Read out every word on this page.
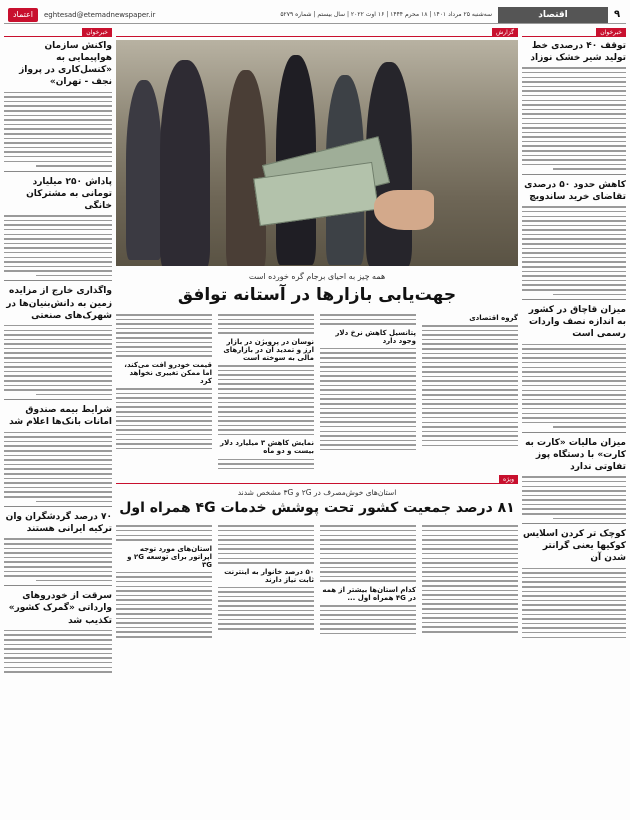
۹
اقتصاد
سه‌شنبه ۲۵ مرداد ۱۴۰۱ | ۱۸ محرم ۱۴۴۴ | ۱۶ اوت ۲۰۲۲ | سال بیستم | شماره ۵۲۷۹
eghtesad@etemadnewspaper.ir
اعتماد
خبرخوان
توقف ۴۰ درصدی خط تولید شیر خشک نوزاد
کاهش حدود ۵۰ درصدی تقاضای خرید ساندویچ
میزان قاچاق در کشور به اندازه نصف واردات رسمی است
میزان مالیات «کارت به کارت» با دستگاه پوز تفاوتی ندارد
کوچک تر کردن اسلایس کوکیها یعنی گرانتر شدن آن
گزارش
همه چیز به احیای برجام گره خورده است
جهت‌یابی بازارها در آستانه توافق
گروه اقتصادی
پتانسیل کاهش نرخ دلار وجود دارد
نوسان در پرویژن در بازار ارز و تمدید آن در بازارهای مالی به سوخته است
نمایش کاهش ۳ میلیارد دلار بیست و دو ماه
قیمت خودرو افت می‌کند، اما ممکن تغییری نخواهد کرد
ویژه
استان‌های خوش‌مصرف در ۲G و ۳G مشخص شدند
۸۱ درصد جمعیت کشور تحت پوشش خدمات ۴G همراه اول
کدام استان‌ها بیشتر از همه در ۴G همراه اول ...
۵۰ درصد خانوار به اینترنت ثابت نیاز دارند
استان‌های مورد توجه اپراتور برای توسعه ۲G و ۳G
خبرخوان
واکنش سازمان هواپیمایی به «کنسل‌کاری در پرواز نجف - تهران»
پاداش ۲۵۰ میلیارد تومانی به مشترکان خانگی
واگذاری خارج از مزایده زمین به دانش‌بنیان‌ها در شهرک‌های صنعتی
شرایط بیمه صندوق امانات بانک‌ها اعلام شد
۷۰ درصد گردشگران وان ترکیه ایرانی هستند
سرقت از خودروهای وارداتی «گمرک کشور» تکذیب شد
